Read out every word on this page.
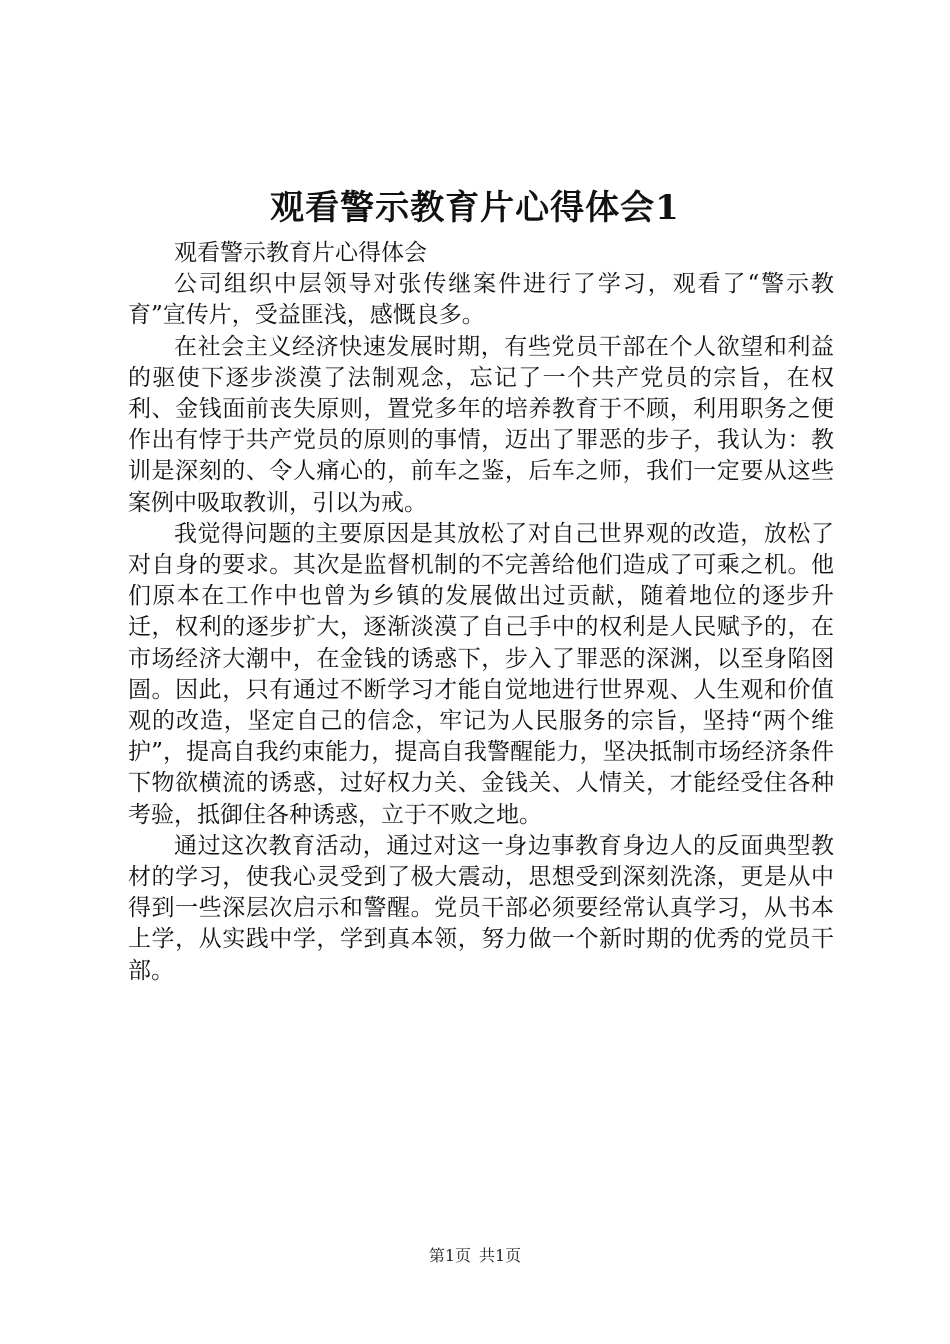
观看警示教育片心得体会1

观看警示教育片心得体会

公司组织中层领导对张传继案件进行了学习，观看了“警示教育”宣传片，受益匪浅，感慨良多。

在社会主义经济快速发展时期，有些党员干部在个人欲望和利益的驱使下逐步淡漠了法制观念，忘记了一个共产党员的宗旨，在权利、金钱面前丧失原则，置党多年的培养教育于不顾，利用职务之便作出有悖于共产党员的原则的事情，迈出了罪恶的步子，我认为：教训是深刻的、令人痛心的，前车之鉴，后车之师，我们一定要从这些案例中吸取教训，引以为戒。

我觉得问题的主要原因是其放松了对自己世界观的改造，放松了对自身的要求。其次是监督机制的不完善给他们造成了可乘之机。他们原本在工作中也曾为乡镇的发展做出过贡献，随着地位的逐步升迁，权利的逐步扩大，逐渐淡漠了自己手中的权利是人民赋予的，在市场经济大潮中，在金钱的诱惑下，步入了罪恶的深渊，以至身陷囹圄。因此，只有通过不断学习才能自觉地进行世界观、人生观和价值观的改造，坚定自己的信念，牢记为人民服务的宗旨，坚持“两个维护”，提高自我约束能力，提高自我警醒能力，坚决抵制市场经济条件下物欲横流的诱惑，过好权力关、金钱关、人情关，才能经受住各种考验，抵御住各种诱惑，立于不败之地。

通过这次教育活动，通过对这一身边事教育身边人的反面典型教材的学习，使我心灵受到了极大震动，思想受到深刻洗涤，更是从中得到一些深层次启示和警醒。党员干部必须要经常认真学习，从书本上学，从实践中学，学到真本领，努力做一个新时期的优秀的党员干部。

第1页 共1页
